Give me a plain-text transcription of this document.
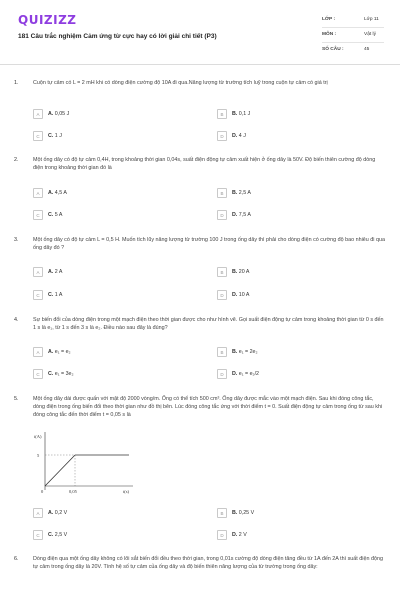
QUIZIZZ
181 Câu trắc nghiệm Cảm ứng từ cực hay có lời giải chi tiết (P3)
LỚP :	Lớp 11
MÔN :	Vật lý
SỐ CÂU :	45
1.	Cuộn tự cảm có L = 2 mH khi có dòng điện cường độ 10A đi qua.Năng lượng từ trường tích luỹ trong cuộn tự cảm có giá trị
A	A. 0,05 J	B	B. 0,1 J
C	C. 1 J	D	D. 4 J
2.	Một ống dây có độ tự cảm 0,4H, trong khoảng thời gian 0,04s, suất điện động tự cảm xuất hiện ở ống dây là 50V. Độ biến thiên cường độ dòng điện trong khoảng thời gian đó là
A	A. 4,5 A	B	B. 2,5 A
C	C. 5 A	D	D. 7,5 A
3.	Một ống dây có độ tự cảm L = 0,5 H. Muốn tích lũy năng lượng từ trường 100 J trong ống dây thì phải cho dòng điện có cường độ bao nhiêu đi qua ống dây đó ?
A	A. 2 A	B	B. 20 A
C	C. 1 A	D	D. 10 A
4.	Sự biến đổi của dòng điện trong một mạch điện theo thời gian được cho như hình vẽ. Gọi suất điện động tự cảm trong khoảng thời gian từ 0 s đến 1 s là e₁, từ 1 s đến 3 s là e₂. Điều nào sau đây là đúng?
A	A. e₁ = e₂	B	B. e₁ = 2e₂
C	C. e₁ = 3e₂	D	D. e₁ = e₂/2
5.	Một ống dây dài được quấn với mật độ 2000 vòng/m. Ống có thể tích 500 cm³. Ống dây được mắc vào một mạch điện. Sau khi đóng công tắc, dòng điện trong ống biến đổi theo thời gian như đồ thị bên. Lúc đóng công tắc ứng với thời điểm t = 0. Suất điện động tự cảm trong ống từ sau khi đóng công tắc đến thời điểm t = 0,05 s là
i(A)
5
0	0,05	t(s)
A	A. 0,2 V	B	B. 0,25 V
C	C. 2,5 V	D	D. 2 V
6.	Dòng điện qua một ống dây không có lõi sắt biến đổi đều theo thời gian, trong 0,01s cường độ dòng điện tăng đều từ 1A đến 2A thì suất điện động tự cảm trong ống dây là 20V. Tính hệ số tự cảm của ống dây và độ biến thiên năng lượng của từ trường trong ống dây:
